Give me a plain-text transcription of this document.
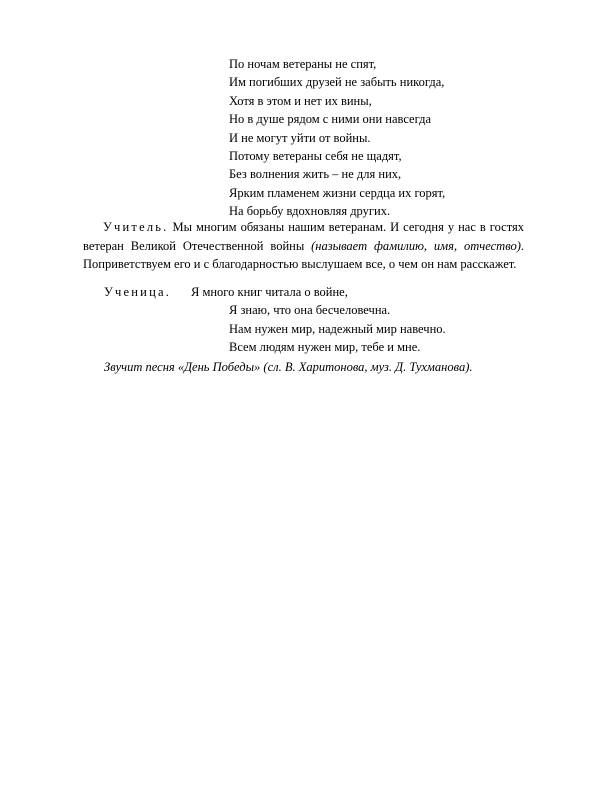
По ночам ветераны не спят,
Им погибших друзей не забыть никогда,
Хотя в этом и нет их вины,
Но в душе рядом с ними они навсегда
И не могут уйти от войны.
Потому ветераны себя не щадят,
Без волнения жить – не для них,
Ярким пламенем жизни сердца их горят,
На борьбу вдохновляя других.

Учитель. Мы многим обязаны нашим ветеранам. И сегодня у нас в гостях ветеран Великой Отечественной войны (называет фамилию, имя, отчество). Поприветствуем его и с благодарностью выслушаем все, о чем он нам расскажет.

Я много книг читала о войне,
Я знаю, что она бесчеловечна.
Нам нужен мир, надежный мир навечно.
Всем людям нужен мир, тебе и мне.
Ученица.
Звучит песня «День Победы» (сл. В. Харитонова, муз. Д. Тухманова).
